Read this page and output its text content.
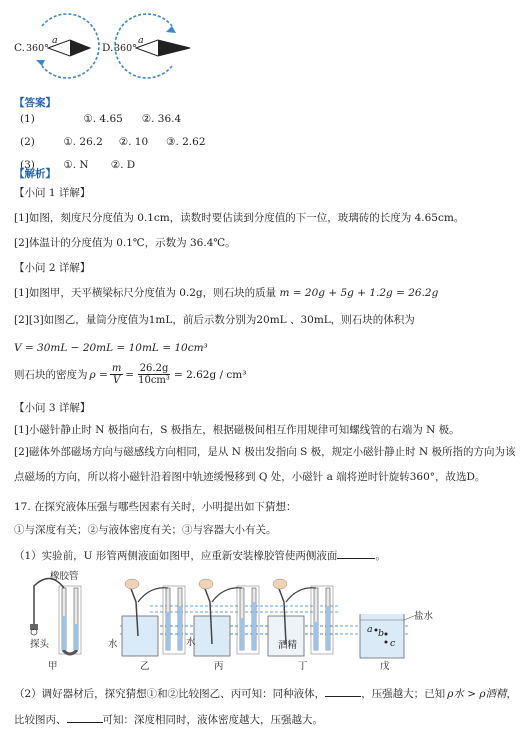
C. 360°
a
D. 360°
a
【答案】
(1)	①. 4.65 ②. 36.4
(2)	①. 26.2 ②. 10 ③. 2.62
(3)	①. N ②. D
【解析】
【小问 1 详解】
[1]如图，刻度尺分度值为 0.1cm，读数时要估读到分度值的下一位，玻璃砖的长度为 4.65cm。
[2]体温计的分度值为 0.1℃，示数为 36.4℃。
【小问 2 详解】
[1]如图甲，天平横梁标尺分度值为 0.2g，则石块的质量 m = 20g + 5g + 1.2g = 26.2g
[2][3]如图乙，量筒分度值为1mL，前后示数分别为20mL 、30mL，则石块的体积为
V = 30mL − 20mL = 10mL = 10cm³
则石块的密度为 $\rho = \frac{m}{V} = \frac{26.2g}{\text{10cm³}} = 2.62g / cm^3$
【小问 3 详解】
[1]小磁针静止时 N 极指向右，S 极指左，根据磁极间相互作用规律可知螺线管的右端为 N 极。
[2]磁体外部磁场方向与磁感线方向相同，是从 N 极出发指向 S 极，规定小磁针静止时 N 极所指的方向为该
点磁场的方向，所以将小磁针沿着图中轨迹缓慢移到 Q 处，小磁针 a 端将逆时针旋转360°，故选D。
17. 在探究液体压强与哪些因素有关时，小明提出如下猜想：
①与深度有关；②与液体密度有关；③与容器大小有关。
（1）实验前，U 形管两侧液面如图甲，应重新安装橡胶管使两侧液面	。
橡胶管
探头	水	水	酒精
盐水
a b
c
甲	乙	丙	丁	戊
（2）调好器材后，探究猜想①和②比较图乙、丙可知：同种液体，	，压强越大；已知 ρ水 > ρ酒精 ，
比较图丙、	可知：深度相同时，液体密度越大，压强越大。
